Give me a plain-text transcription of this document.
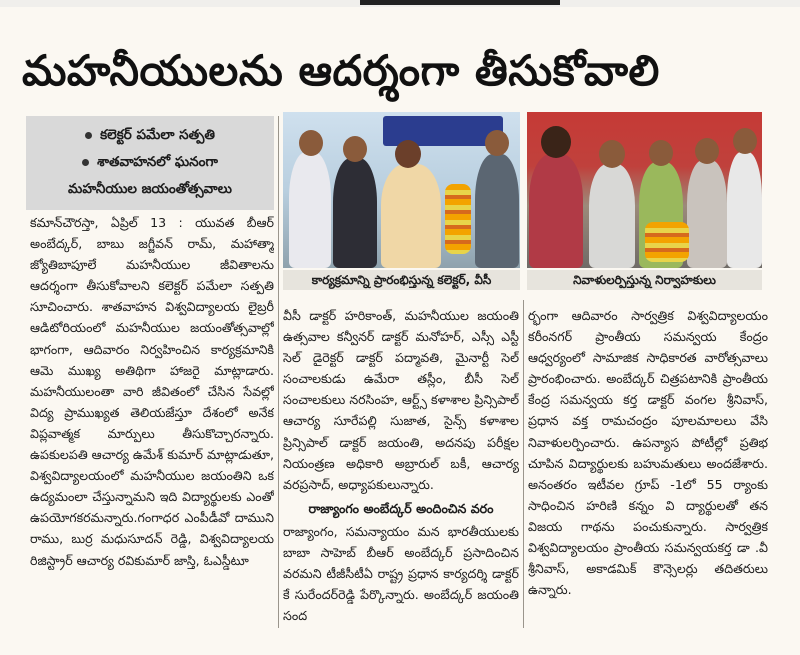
మహనీయులను ఆదర్శంగా తీసుకోవాలి
కలెక్టర్ పమేలా సత్పతి
శాతవాహనలో ఘనంగా
మహనీయుల జయంతోత్సవాలు
కార్యక్రమాన్ని ప్రారంభిస్తున్న కలెక్టర్, వీసీ	నివాళులర్పిస్తున్న నిర్వాహకులు
కమాన్‌చౌరస్తా, ఏప్రిల్ 13 : యువత బీఆర్ అంబేద్కర్, బాబు జగ్జీవన్ రామ్, మహాత్మా జ్యోతిబాపూలే మహనీయుల జీవితాలను ఆదర్శంగా తీసుకోవాలని కలెక్టర్ పమేలా సత్పతి సూచించారు. శాతవాహన విశ్వవిద్యాలయ లైబ్రరీ ఆడిటోరియంలో మహనీయుల జయంతోత్సవాల్లో భాగంగా, ఆదివారం నిర్వహించిన కార్యక్రమానికి ఆమె ముఖ్య అతిథిగా హాజరై మాట్లాడారు. మహనీయులంతా వారి జీవితంలో చేసిన సేవల్లో విద్య ప్రాముఖ్యత తెలియజేస్తూ దేశంలో అనేక విప్లవాత్మక మార్పులు తీసుకొచ్చారన్నారు. ఉపకులపతి ఆచార్య ఉమేశ్ కుమార్ మాట్లాడుతూ, విశ్వవిద్యాలయంలో మహనీయుల జయంతిని ఒక ఉద్యమంలా చేస్తున్నామని ఇది విద్యార్థులకు ఎంతో ఉపయోగకరమన్నారు.గంగాధర ఎంపీడీవో దాముని రాము, బుర్ర మధుసూదన్ రెడ్డి, విశ్వవిద్యాలయ రిజిస్ట్రార్ ఆచార్య రవికుమార్ జాస్తి, ఓఎస్డీటూ
వీసీ డాక్టర్ హరికాంత్, మహనీయుల జయంతి ఉత్సవాల కన్వీనర్ డాక్టర్ మనోహర్, ఎస్సీ ఎస్టీ సెల్ డైరెక్టర్ డాక్టర్ పద్మావతి, మైనార్టీ సెల్ సంచాలకుడు ఉమేరా తస్లీం, బీసీ సెల్ సంచాలకులు నరసింహ, ఆర్ట్స్ కళాశాల ప్రిన్సిపాల్ ఆచార్య సూరేపల్లి సుజాత, సైన్స్ కళాశాల ప్రిన్సిపాల్ డాక్టర్ జయంతి, అదనపు పరీక్షల నియంత్రణ అధికారి అబ్రారుల్ బకీ, ఆచార్య వరప్రసాద్, అధ్యాపకులున్నారు.
రాజ్యాంగం అంబేద్కర్ అందించిన వరం
రాజ్యాంగం, సమన్యాయం మన భారతీయులకు బాబా సాహెబ్ బీఆర్ అంబేద్కర్ ప్రసాదించిన వరమని టీజీసీటీఏ రాష్ట్ర ప్రధాన కార్యదర్శి డాక్టర్ కే సురేందర్‌రెడ్డి పేర్కొన్నారు. అంబేద్కర్ జయంతి సంద
ర్భంగా ఆదివారం సార్వత్రిక విశ్వవిద్యాలయం కరీంనగర్ ప్రాంతీయ సమన్వయ కేంద్రం ఆధ్వర్యంలో సామాజిక సాధికారత వారోత్సవాలు ప్రారంభించారు. అంబేద్కర్ చిత్రపటానికి ప్రాంతీయ కేంద్ర సమన్వయ కర్త డాక్టర్ వంగల శ్రీనివాస్, ప్రధాన వక్త రామచంద్రం పూలమాలలు వేసి నివాళులర్పించారు. ఉపన్యాస పోటీల్లో ప్రతిభ చూపిన విద్యార్థులకు బహుమతులు అందజేశారు. అనంతరం ఇటీవల గ్రూప్ -1లో 55 ర్యాంకు సాధించిన హరిణి కన్నం వి ద్యార్థులతో తన విజయ గాథను పంచుకున్నారు. సార్వత్రిక విశ్వవిద్యాలయం ప్రాంతీయ సమన్వయకర్త డా .వీ శ్రీనివాస్, అకాడమిక్ కౌన్సెలర్లు తదితరులు ఉన్నారు.
